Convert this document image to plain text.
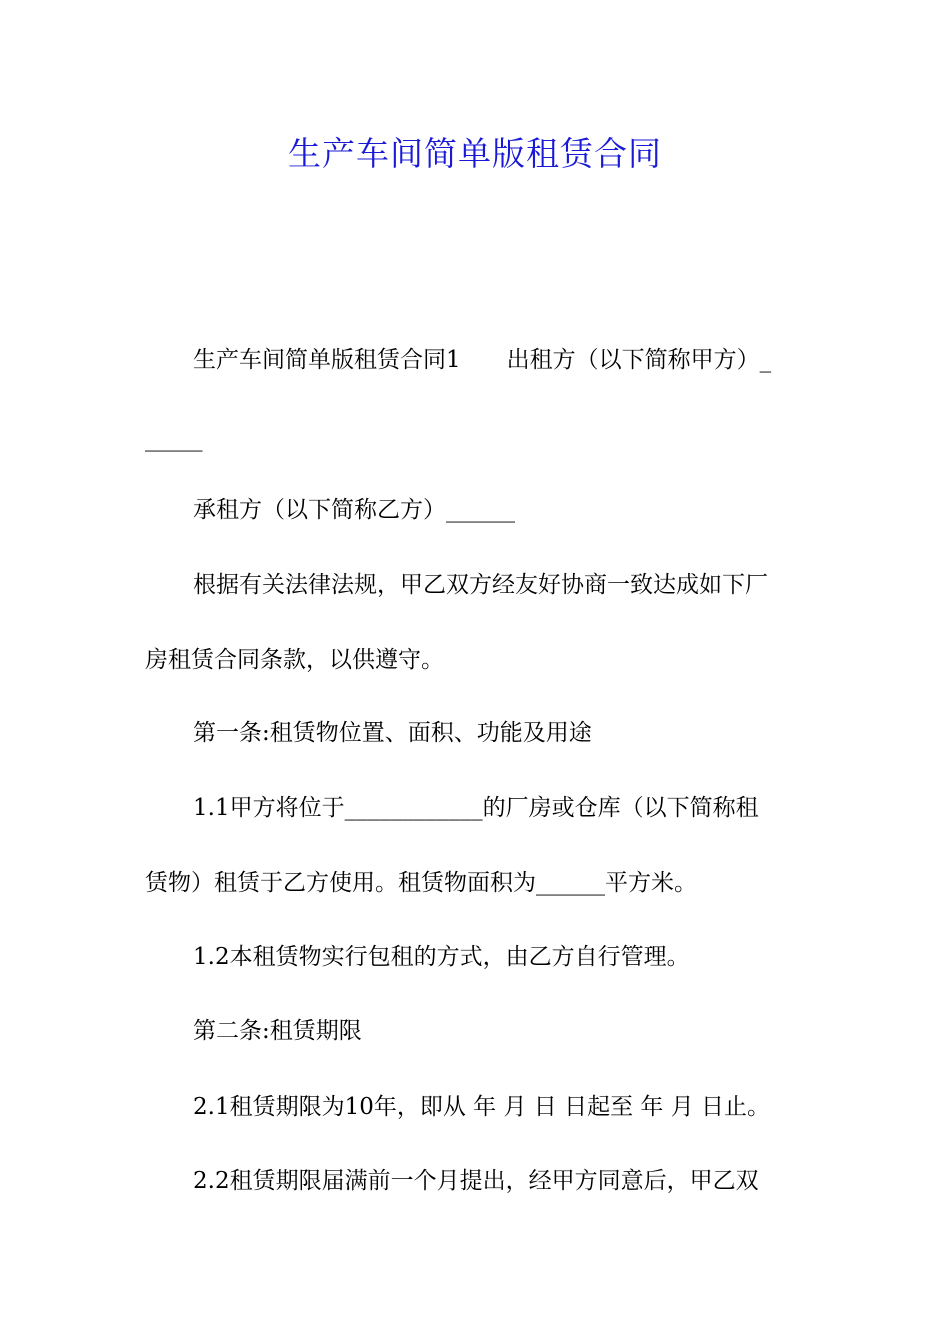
生产车间简单版租赁合同
生产车间简单版租赁合同1　　出租方（以下简称甲方）_
_____
承租方（以下简称乙方）______
根据有关法律法规，甲乙双方经友好协商一致达成如下厂
房租赁合同条款，以供遵守。
第一条:租赁物位置、面积、功能及用途
1.1甲方将位于____________的厂房或仓库（以下简称租
赁物）租赁于乙方使用。租赁物面积为______平方米。
1.2本租赁物实行包租的方式，由乙方自行管理。
第二条:租赁期限
2.1租赁期限为10年，即从 年 月 日 日起至 年 月 日止。
2.2租赁期限届满前一个月提出，经甲方同意后，甲乙双
